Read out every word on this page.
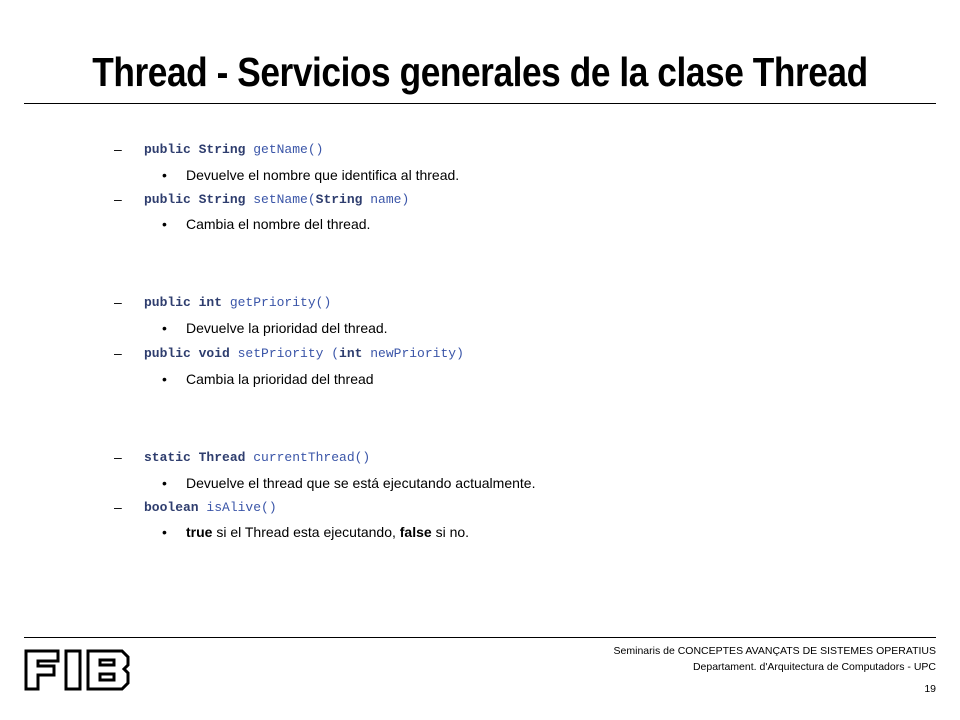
Thread - Servicios generales de la clase Thread
–	public String getName()
•	Devuelve el nombre que identifica al thread.
–	public String setName(String name)
•	Cambia el nombre del thread.
–	public int getPriority()
•	Devuelve la prioridad del thread.
–	public void setPriority (int newPriority)
•	Cambia la prioridad del thread
–	static Thread currentThread()
•	Devuelve el thread que se está ejecutando actualmente.
–	boolean isAlive()
•	true si el Thread esta ejecutando, false si no.
Seminaris de CONCEPTES AVANÇATS DE SISTEMES OPERATIUS
Departament. d'Arquitectura de Computadors - UPC
19
